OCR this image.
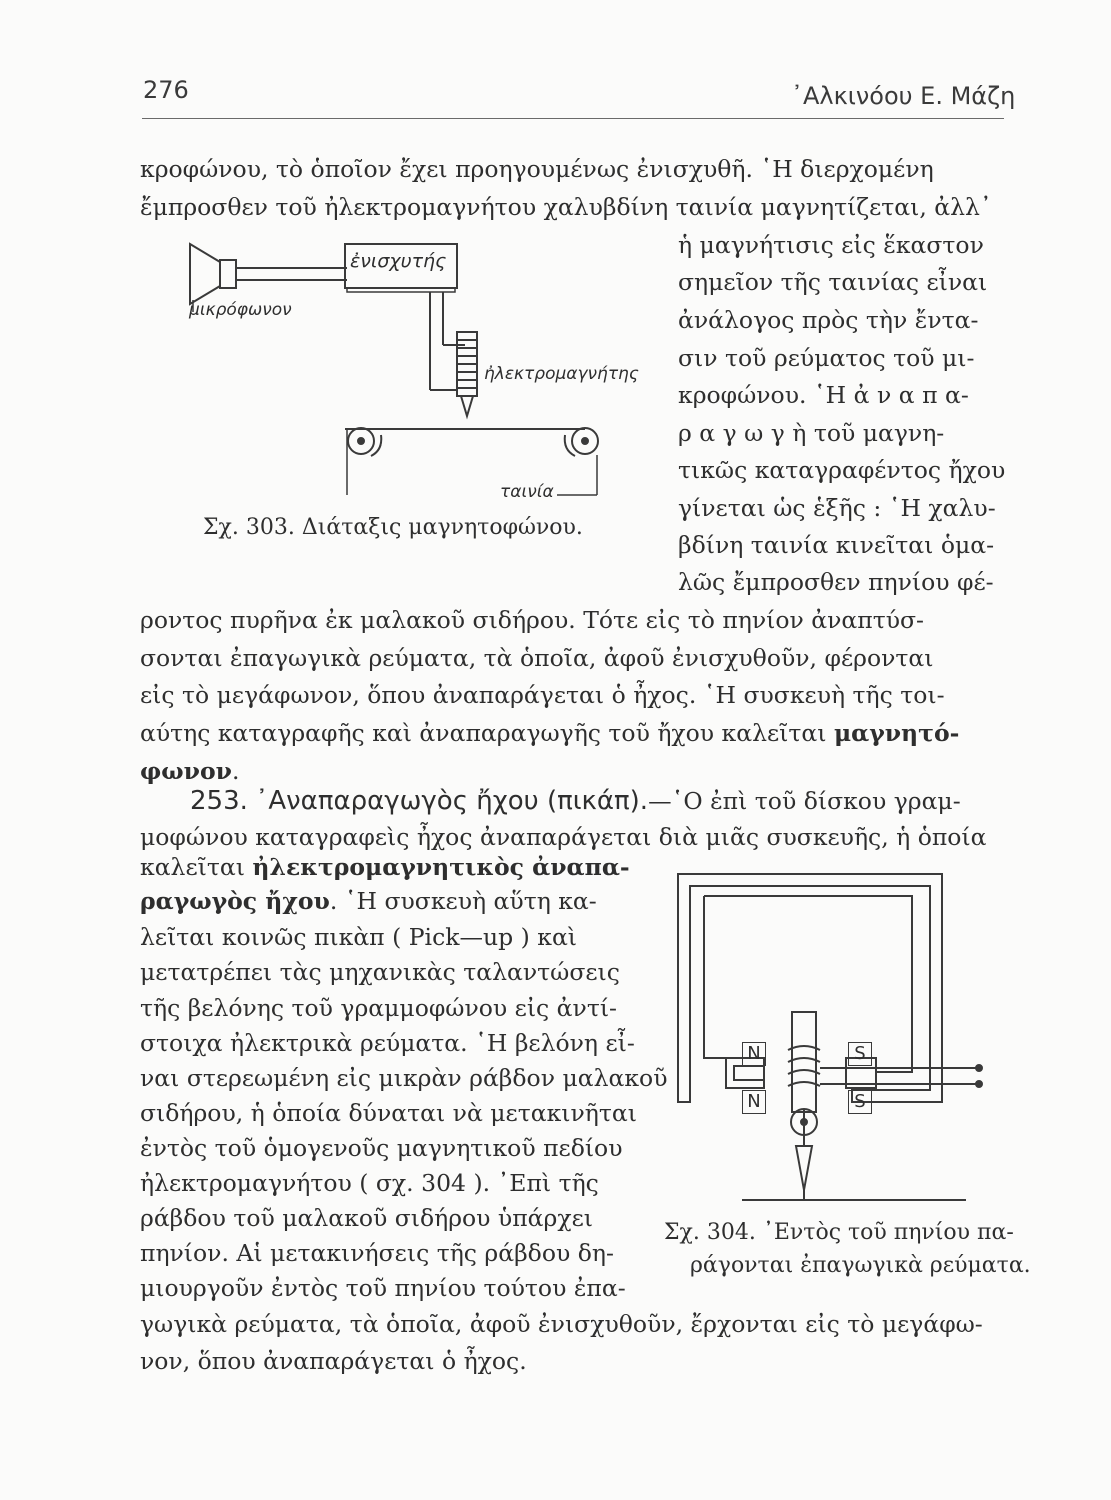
276	᾿Αλκινόου Ε. Μάζη
κροφώνου, τὸ ὁποῖον ἔχει προηγουμένως ἐνισχυθῆ. ῾Η διερχομένη
ἔμπροσθεν τοῦ ἠλεκτρομαγνήτου χαλυβδίνη ταινία μαγνητίζεται, ἀλλ᾿
ἡ μαγνήτισις εἰς ἕκαστον
σημεῖον τῆς ταινίας εἶναι
ἀνάλογος πρὸς τὴν ἔντα-
σιν τοῦ ρεύματος τοῦ μι-
κροφώνου. ῾Η ἀ ν α π α-
ρ α γ ω γ ὴ τοῦ μαγνη-
τικῶς καταγραφέντος ἤχου
γίνεται ὡς ἑξῆς : ῾Η χαλυ-
βδίνη ταινία κινεῖται ὁμα-
λῶς ἔμπροσθεν πηνίου φέ-
ροντος πυρῆνα ἐκ μαλακοῦ σιδήρου. Τότε εἰς τὸ πηνίον ἀναπτύσ-
σονται ἐπαγωγικὰ ρεύματα, τὰ ὁποῖα, ἀφοῦ ἐνισχυθοῦν, φέρονται
εἰς τὸ μεγάφωνον, ὅπου ἀναπαράγεται ὁ ἦχος. ῾Η συσκευὴ τῆς τοι-
αύτης καταγραφῆς καὶ ἀναπαραγωγῆς τοῦ ἤχου καλεῖται μαγνητό-
φωνον.
ἐνισχυτής
μικρόφωνον
ἠλεκτρομαγνήτης
ταινία
Σχ. 303. Διάταξις μαγνητοφώνου.
253. ᾿Αναπαραγωγὸς ἤχου (πικάπ).—῾Ο ἐπὶ τοῦ δίσκου γραμ-
μοφώνου καταγραφεὶς ἦχος ἀναπαράγεται διὰ μιᾶς συσκευῆς, ἡ ὁποία
καλεῖται ἠλεκτρομαγνητικὸς ἀναπα-
ραγωγὸς ἤχου. ῾Η συσκευὴ αὕτη κα-
λεῖται κοινῶς πικὰπ ( Pick—up ) καὶ
μετατρέπει τὰς μηχανικὰς ταλαντώσεις
τῆς βελόνης τοῦ γραμμοφώνου εἰς ἀντί-
στοιχα ἠλεκτρικὰ ρεύματα. ῾Η βελόνη εἶ-
ναι στερεωμένη εἰς μικρὰν ράβδον μαλακοῦ
σιδήρου, ἡ ὁποία δύναται νὰ μετακινῆται
ἐντὸς τοῦ ὁμογενοῦς μαγνητικοῦ πεδίου
ἠλεκτρομαγνήτου ( σχ. 304 ). ᾿Επὶ τῆς
ράβδου τοῦ μαλακοῦ σιδήρου ὑπάρχει
πηνίον. Αἱ μετακινήσεις τῆς ράβδου δη-
μιουργοῦν ἐντὸς τοῦ πηνίου τούτου ἐπα-
γωγικὰ ρεύματα, τὰ ὁποῖα, ἀφοῦ ἐνισχυθοῦν, ἔρχονται εἰς τὸ μεγάφω-
νον, ὅπου ἀναπαράγεται ὁ ἦχος.
N
N
S
S
Σχ. 304. ᾿Εντὸς τοῦ πηνίου πα-
ράγονται ἐπαγωγικὰ ρεύματα.
